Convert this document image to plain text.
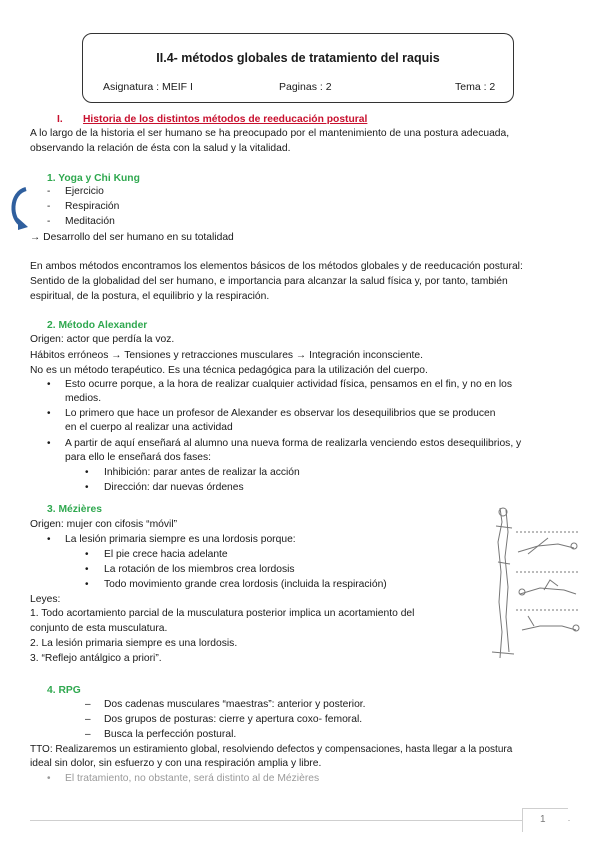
II.4- métodos globales de tratamiento del raquis
Asignatura : MEIF I	Paginas : 2	Tema : 2
I. Historia de los distintos métodos de reeducación postural
A lo largo de la historia el ser humano se ha preocupado por el mantenimiento de una postura adecuada,
observando la relación de ésta con la salud y la vitalidad.
1. Yoga y Chi Kung
- Ejercicio
- Respiración
- Meditación
→ Desarrollo del ser humano en su totalidad
En ambos métodos encontramos los elementos básicos de los métodos globales y de reeducación postural:
Sentido de la globalidad del ser humano, e importancia para alcanzar la salud física y, por tanto, también
espiritual, de la postura, el equilibrio y la respiración.
2. Método Alexander
Origen: actor que perdía la voz.
Hábitos erróneos → Tensiones y retracciones musculares → Integración inconsciente.
No es un método terapéutico. Es una técnica pedagógica para la utilización del cuerpo.
• Esto ocurre porque, a la hora de realizar cualquier actividad física, pensamos en el fin, y no en los
medios.
• Lo primero que hace un profesor de Alexander es observar los desequilibrios que se producen
en el cuerpo al realizar una actividad
• A partir de aquí enseñará al alumno una nueva forma de realizarla venciendo estos desequilibrios, y
para ello le enseñará dos fases:
• Inhibición: parar antes de realizar la acción
• Dirección: dar nuevas órdenes
3. Mézières
Origen: mujer con cifosis “móvil”
• La lesión primaria siempre es una lordosis porque:
• El pie crece hacia adelante
• La rotación de los miembros crea lordosis
• Todo movimiento grande crea lordosis (incluida la respiración)
Leyes:
1. Todo acortamiento parcial de la musculatura posterior implica un acortamiento del
conjunto de esta musculatura.
2. La lesión primaria siempre es una lordosis.
3. “Reflejo antálgico a priori”.
4. RPG
– Dos cadenas musculares “maestras”: anterior y posterior.
– Dos grupos de posturas: cierre y apertura coxo- femoral.
– Busca la perfección postural.
TTO: Realizaremos un estiramiento global, resolviendo defectos y compensaciones, hasta llegar a la postura
ideal sin dolor, sin esfuerzo y con una respiración amplia y libre.
• El tratamiento, no obstante, será distinto al de Mézières
1
